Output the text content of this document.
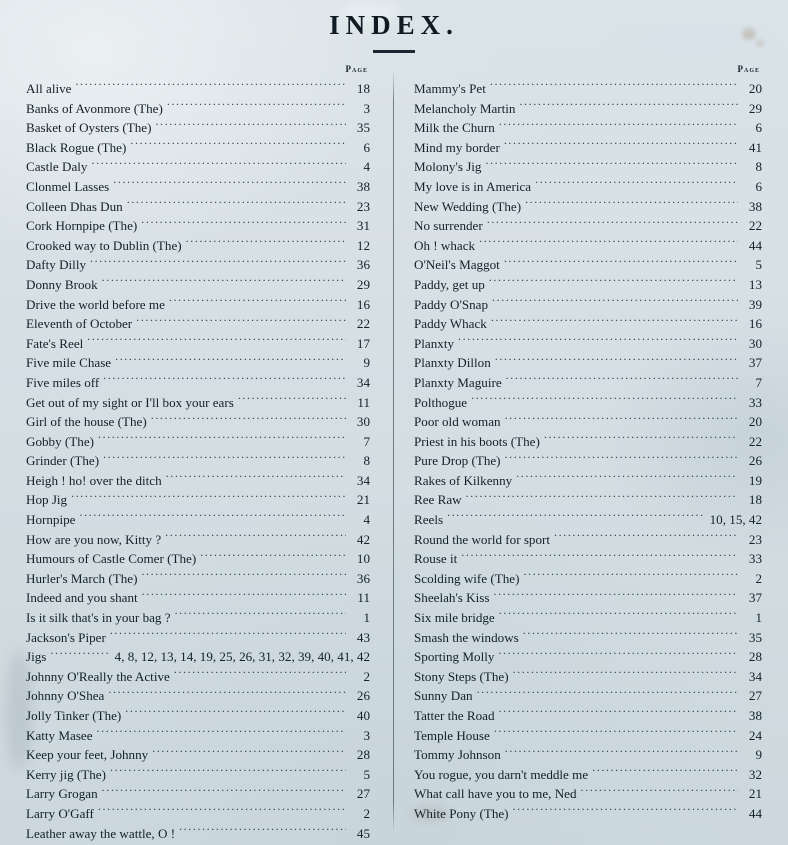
INDEX.
Page
All alive .....	18
Banks of Avonmore (The) .....	3
Basket of Oysters (The) .....	35
Black Rogue (The) .....	6
Castle Daly .....	4
Clonmel Lasses .....	38
Colleen Dhas Dun .....	23
Cork Hornpipe (The) .....	31
Crooked way to Dublin (The) .....	12
Dafty Dilly .....	36
Donny Brook .....	29
Drive the world before me .....	16
Eleventh of October .....	22
Fate's Reel .....	17
Five mile Chase .....	9
Five miles off .....	34
Get out of my sight or I'll box your ears .....	11
Girl of the house (The) .....	30
Gobby (The) .....	7
Grinder (The) .....	8
Heigh ! ho! over the ditch .....	34
Hop Jig .....	21
Hornpipe .....	4
How are you now, Kitty ? .....	42
Humours of Castle Comer (The) .....	10
Hurler's March (The) .....	36
Indeed and you shant .....	11
Is it silk that's in your bag ? .....	1
Jackson's Piper .....	43
Jigs .....	4, 8, 12, 13, 14, 19, 25, 26, 31, 32, 39, 40, 41, 42
Johnny O'Really the Active .....	2
Johnny O'Shea .....	26
Jolly Tinker (The) .....	40
Katty Masee .....	3
Keep your feet, Johnny .....	28
Kerry jig (The) .....	5
Larry Grogan .....	27
Larry O'Gaff .....	2
Leather away the wattle, O ! .....	45
Page
Mammy's Pet .....	20
Melancholy Martin .....	29
Milk the Churn .....	6
Mind my border .....	41
Molony's Jig .....	8
My love is in America .....	6
New Wedding (The) .....	38
No surrender .....	22
Oh ! whack .....	44
O'Neil's Maggot .....	5
Paddy, get up .....	13
Paddy O'Snap .....	39
Paddy Whack .....	16
Planxty .....	30
Planxty Dillon .....	37
Planxty Maguire .....	7
Polthogue .....	33
Poor old woman .....	20
Priest in his boots (The) .....	22
Pure Drop (The) .....	26
Rakes of Kilkenny .....	19
Ree Raw .....	18
Reels .....	10, 15, 42
Round the world for sport .....	23
Rouse it .....	33
Scolding wife (The) .....	2
Sheelah's Kiss .....	37
Six mile bridge .....	1
Smash the windows .....	35
Sporting Molly .....	28
Stony Steps (The) .....	34
Sunny Dan .....	27
Tatter the Road .....	38
Temple House .....	24
Tommy Johnson .....	9
You rogue, you darn't meddle me .....	32
What call have you to me, Ned .....	21
White Pony (The) .....	44
